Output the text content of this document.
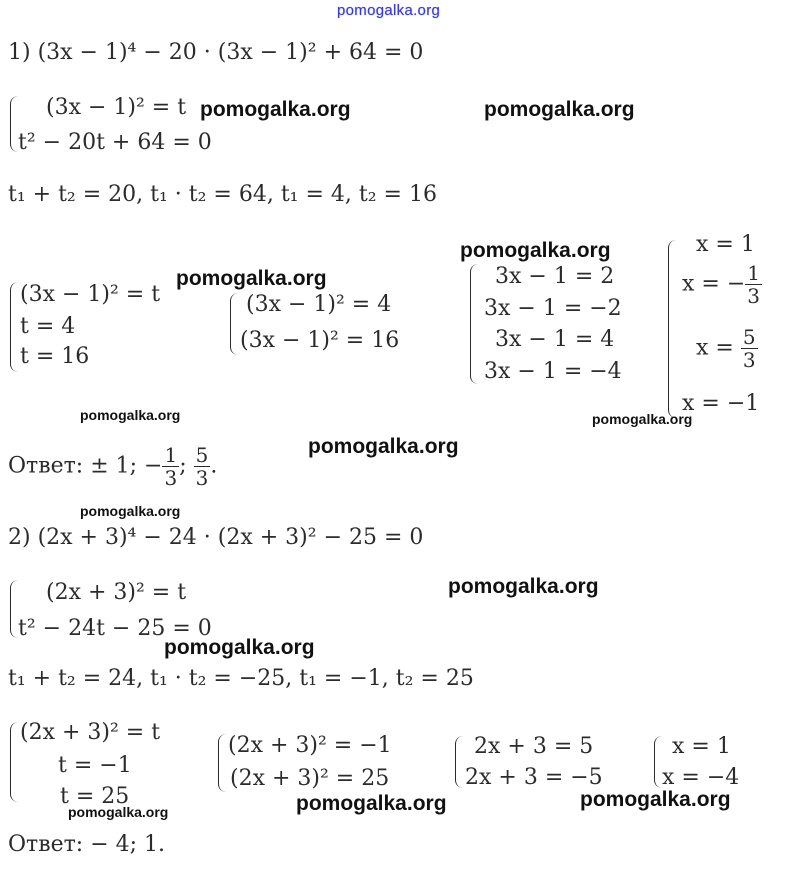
pomogalka.org
1) (3x − 1)⁴ − 20 · (3x − 1)² + 64 = 0
(3x − 1)² = t
t² − 20t + 64 = 0
t₁ + t₂ = 20, t₁ · t₂ = 64, t₁ = 4, t₂ = 16
(3x − 1)² = t
t = 4
t = 16
(3x − 1)² = 4
(3x − 1)² = 16
3x − 1 = 2
3x − 1 = −2
3x − 1 = 4
3x − 1 = −4
x = 1
x = − $\frac{1}{3}$
$x = \frac{5}{3}$
x = −1
Ответ: ± 1; − $\frac{1}{3}$ ; $\frac{5}{3}$ .
2) (2x + 3)⁴ − 24 · (2x + 3)² − 25 = 0
(2x + 3)² = t
t² − 24t − 25 = 0
t₁ + t₂ = 24, t₁ · t₂ = −25, t₁ = −1, t₂ = 25
(2x + 3)² = t
t = −1
t = 25
(2x + 3)² = −1
(2x + 3)² = 25
2x + 3 = 5
2x + 3 = −5
x = 1
x = −4
Ответ: − 4; 1.
pomogalka.org	pomogalka.org
pomogalka.org
pomogalka.org
pomogalka.org	pomogalka.org
pomogalka.org
pomogalka.org
pomogalka.org
pomogalka.org
pomogalka.org	pomogalka.org	pomogalka.org
